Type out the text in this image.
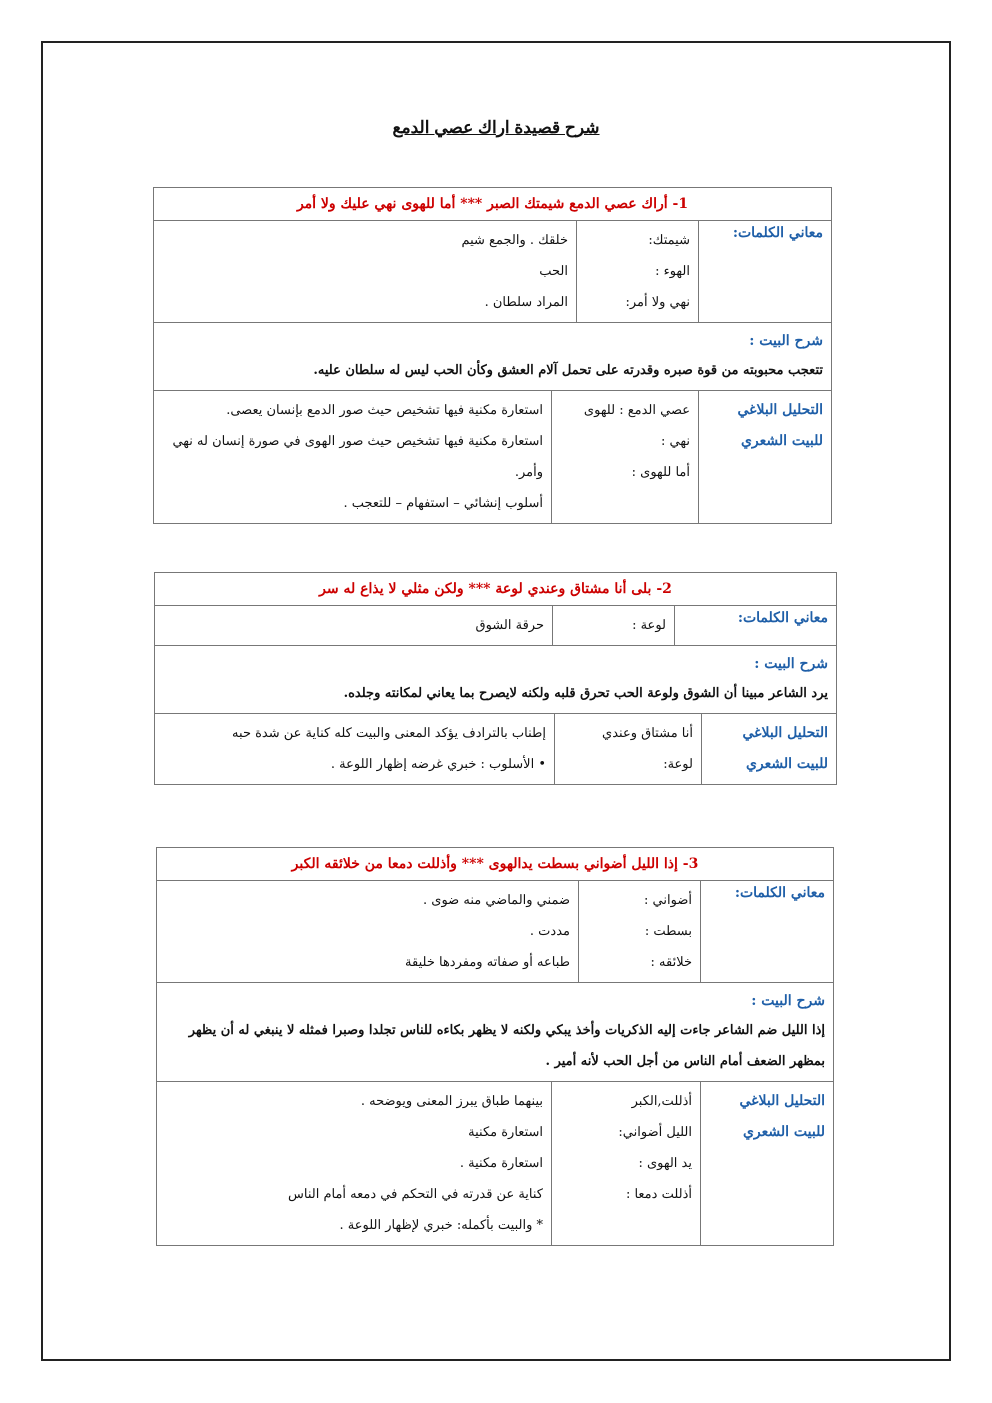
شرح قصيدة اراك عصي الدمع
1- أراك عصي الدمع شيمتك الصبر *** أما للهوى نهي عليك ولا أمر
معاني الكلمات:
شيمتك:
الهوء :
نهي ولا أمر:
خلقك . والجمع شيم
الحب
المراد سلطان .
شرح البيت :

تتعجب محبوبته من قوة صبره وقدرته على تحمل آلام العشق وكأن الحب ليس له سلطان عليه.

التحليل البلاغي
للبيت الشعري
عصي الدمع : للهوى
نهي :
أما للهوى :
استعارة مكنية فيها تشخيص حيث صور الدمع بإنسان يعصى.
استعارة مكنية فيها تشخيص حيث صور الهوى في صورة إنسان له نهي
وأمر.
أسلوب إنشائي – استفهام – للتعجب .
2- بلى أنا مشتاق وعندي لوعة *** ولكن مثلي لا يذاع له سر
معاني الكلمات:
لوعة :
حرقة الشوق
شرح البيت :

يرد الشاعر مبينا أن الشوق ولوعة الحب تحرق قلبه ولكنه لايصرح بما يعاني لمكانته وجلده.

التحليل البلاغي
للبيت الشعري
أنا مشتاق وعندي
لوعة:
إطناب بالترادف يؤكد المعنى والبيت كله كناية عن شدة حبه
• الأسلوب : خبري غرضه إظهار اللوعة .
3- إذا الليل أضواني بسطت يدالهوى *** وأذللت دمعا من خلائقه الكبر
معاني الكلمات:
أضواني :
بسطت :
خلائقه :
ضمني والماضي منه ضوى .
مددت .
طباعه أو صفاته ومفردها خليقة
شرح البيت :

إذا الليل ضم الشاعر جاءت إليه الذكريات وأخذ يبكي ولكنه لا يظهر بكاءه للناس تجلدا وصبرا فمثله لا ينبغي له أن يظهر بمظهر الضعف أمام الناس من أجل الحب لأنه أمير .

التحليل البلاغي
للبيت الشعري
أذللت,الكبر
الليل أضواني:
يد الهوى :
أذللت دمعا :
بينهما طباق يبرز المعنى ويوضحه .
استعارة مكنية
استعارة مكنية .
كناية عن قدرته في التحكم في دمعه أمام الناس
* والبيت بأكمله: خبري لإظهار اللوعة .
